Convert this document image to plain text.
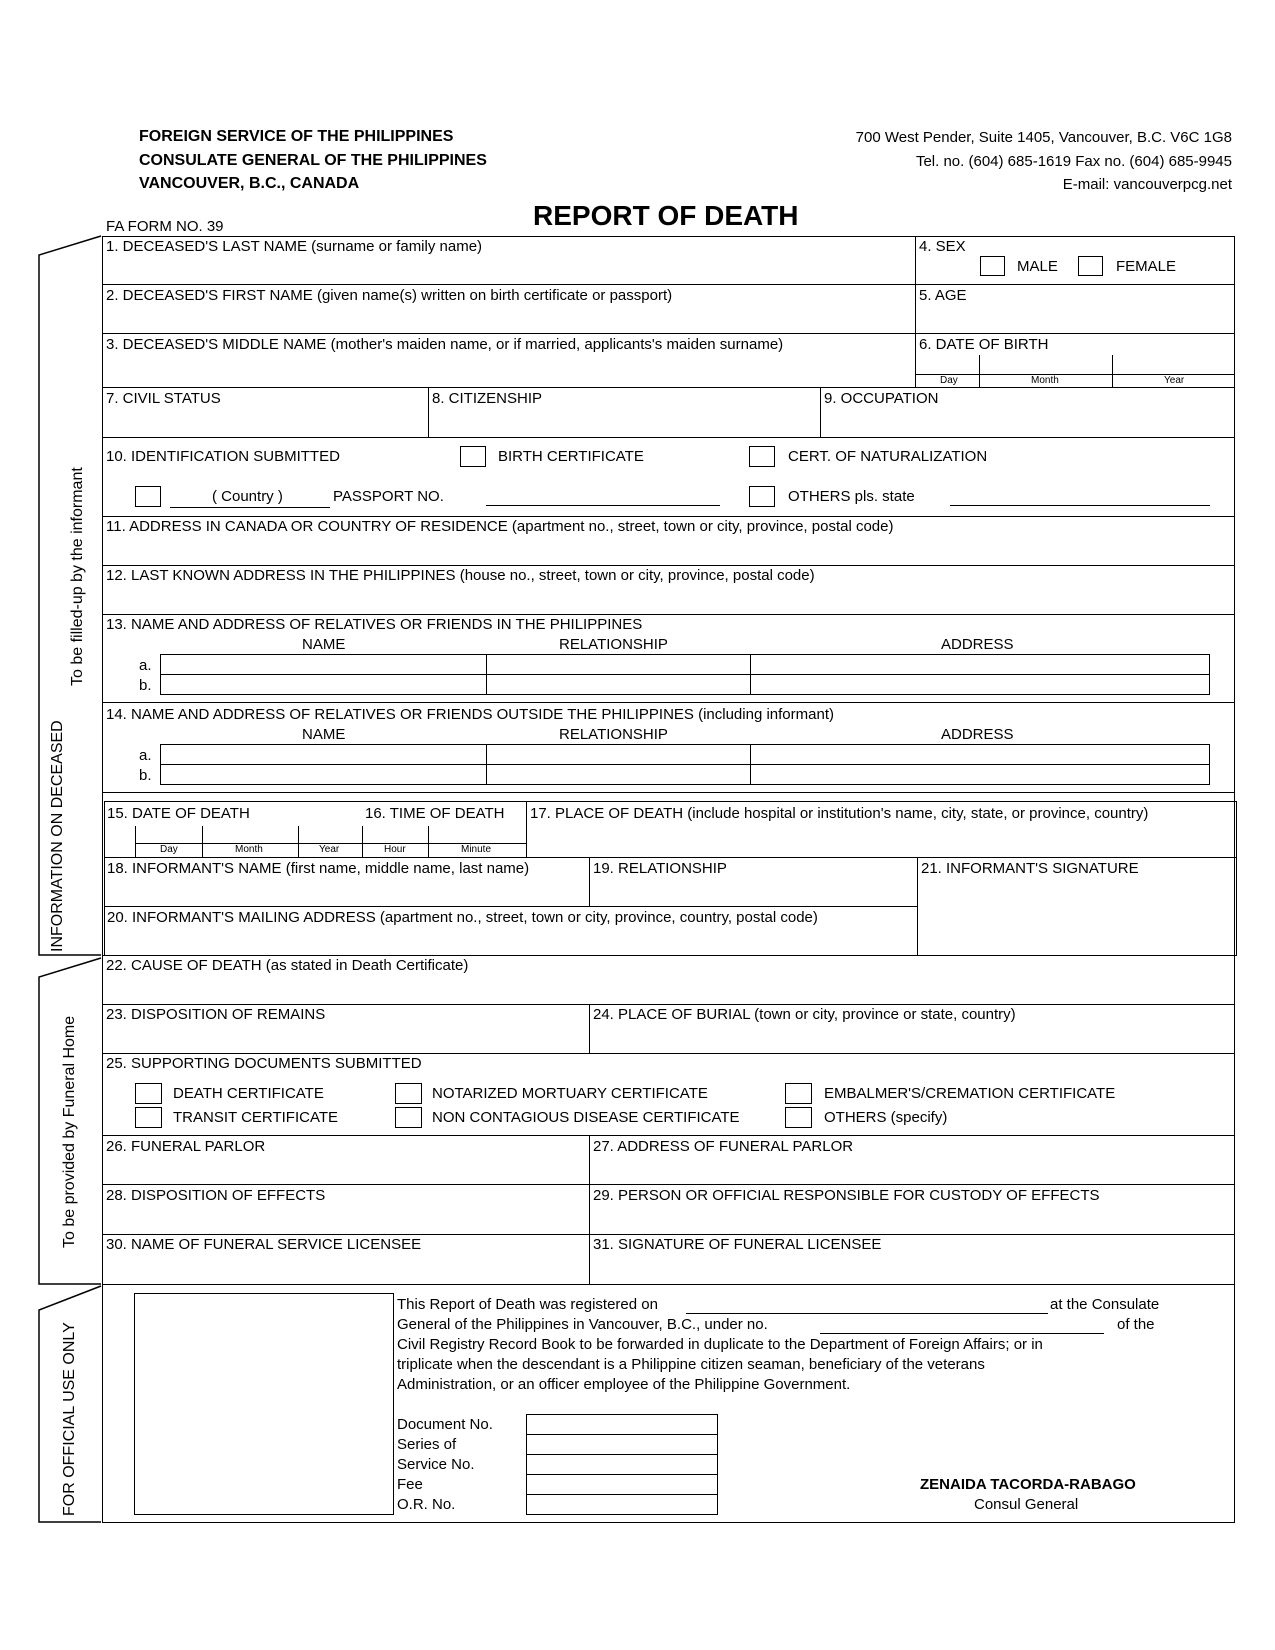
FOREIGN SERVICE OF THE PHILIPPINES
CONSULATE GENERAL OF THE PHILIPPINES
VANCOUVER, B.C., CANADA
700 West Pender, Suite 1405, Vancouver, B.C. V6C 1G8
Tel. no. (604) 685-1619 Fax no. (604) 685-9945
E-mail: vancouverpcg.net
FA FORM NO. 39	REPORT OF DEATH
To be filled-up by the informant
INFORMATION ON DECEASED
To be provided by Funeral Home
FOR OFFICIAL USE ONLY
1. DECEASED'S LAST NAME (surname or family name)
2. DECEASED'S FIRST NAME (given name(s) written on birth certificate or passport)
3. DECEASED'S MIDDLE NAME (mother's maiden name, or if married, applicants's maiden surname)
4. SEX
MALE	FEMALE
5. AGE
6. DATE OF BIRTH
Day	Month	Year
7. CIVIL STATUS	8. CITIZENSHIP	9. OCCUPATION
10. IDENTIFICATION SUBMITTED	BIRTH CERTIFICATE	CERT. OF NATURALIZATION
( Country )	PASSPORT NO.	OTHERS pls. state
11. ADDRESS IN CANADA OR COUNTRY OF RESIDENCE (apartment no., street, town or city, province, postal code)
12. LAST KNOWN ADDRESS IN THE PHILIPPINES (house no., street, town or city, province, postal code)
13. NAME AND ADDRESS OF RELATIVES OR FRIENDS IN THE PHILIPPINES
NAME	RELATIONSHIP	ADDRESS
a.
b.
14. NAME AND ADDRESS OF RELATIVES OR FRIENDS OUTSIDE THE PHILIPPINES (including informant)
NAME	RELATIONSHIP	ADDRESS
a.
b.
15. DATE OF DEATH	16. TIME OF DEATH 17. PLACE OF DEATH (include hospital or institution's name, city, state, or province, country)
Day	Month	Year	Hour	Minute
18. INFORMANT'S NAME (first name, middle name, last name)	19. RELATIONSHIP	21. INFORMANT'S SIGNATURE
20. INFORMANT'S MAILING ADDRESS (apartment no., street, town or city, province, country, postal code)
22. CAUSE OF DEATH (as stated in Death Certificate)
23. DISPOSITION OF REMAINS	24. PLACE OF BURIAL (town or city, province or state, country)
25. SUPPORTING DOCUMENTS SUBMITTED
DEATH CERTIFICATE	NOTARIZED MORTUARY CERTIFICATE	EMBALMER'S/CREMATION CERTIFICATE
TRANSIT CERTIFICATE	NON CONTAGIOUS DISEASE CERTIFICATE	OTHERS (specify)
26. FUNERAL PARLOR	27. ADDRESS OF FUNERAL PARLOR
28. DISPOSITION OF EFFECTS	29. PERSON OR OFFICIAL RESPONSIBLE FOR CUSTODY OF EFFECTS
30. NAME OF FUNERAL SERVICE LICENSEE	31. SIGNATURE OF FUNERAL LICENSEE
This Report of Death was registered on	at the Consulate
General of the Philippines in Vancouver, B.C., under no.	of the
Civil Registry Record Book to be forwarded in duplicate to the Department of Foreign Affairs; or in
triplicate when the descendant is a Philippine citizen seaman, beneficiary of the veterans
Administration, or an officer employee of the Philippine Government.
Document No.
Series of
Service No.
Fee
O.R. No.
ZENAIDA TACORDA-RABAGO
Consul General
